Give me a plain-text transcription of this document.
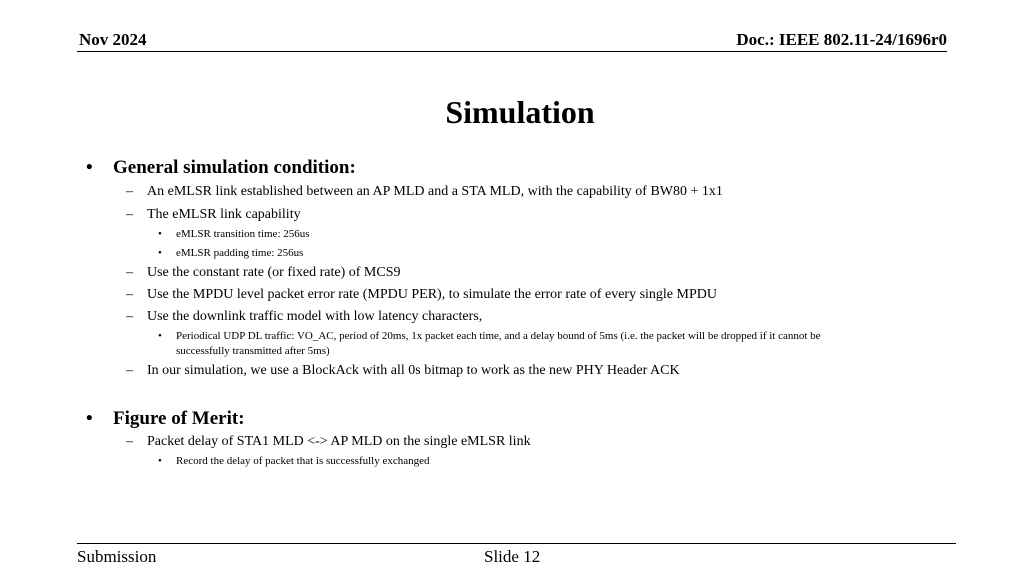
Nov 2024	Doc.: IEEE 802.11-24/1696r0
Simulation
• General simulation condition:
– An eMLSR link established between an AP MLD and a STA MLD, with the capability of BW80 + 1x1
– The eMLSR link capability
• eMLSR transition time: 256us
• eMLSR padding time: 256us
– Use the constant rate (or fixed rate) of MCS9
– Use the MPDU level packet error rate (MPDU PER), to simulate the error rate of every single MPDU
– Use the downlink traffic model with low latency characters,
• Periodical UDP DL traffic: VO_AC, period of 20ms, 1x packet each time, and a delay bound of 5ms (i.e. the packet will be dropped if it cannot be
successfully transmitted after 5ms)
– In our simulation, we use a BlockAck with all 0s bitmap to work as the new PHY Header ACK
• Figure of Merit:
– Packet delay of STA1 MLD <-> AP MLD on the single eMLSR link
• Record the delay of packet that is successfully exchanged
Submission	Slide 12
